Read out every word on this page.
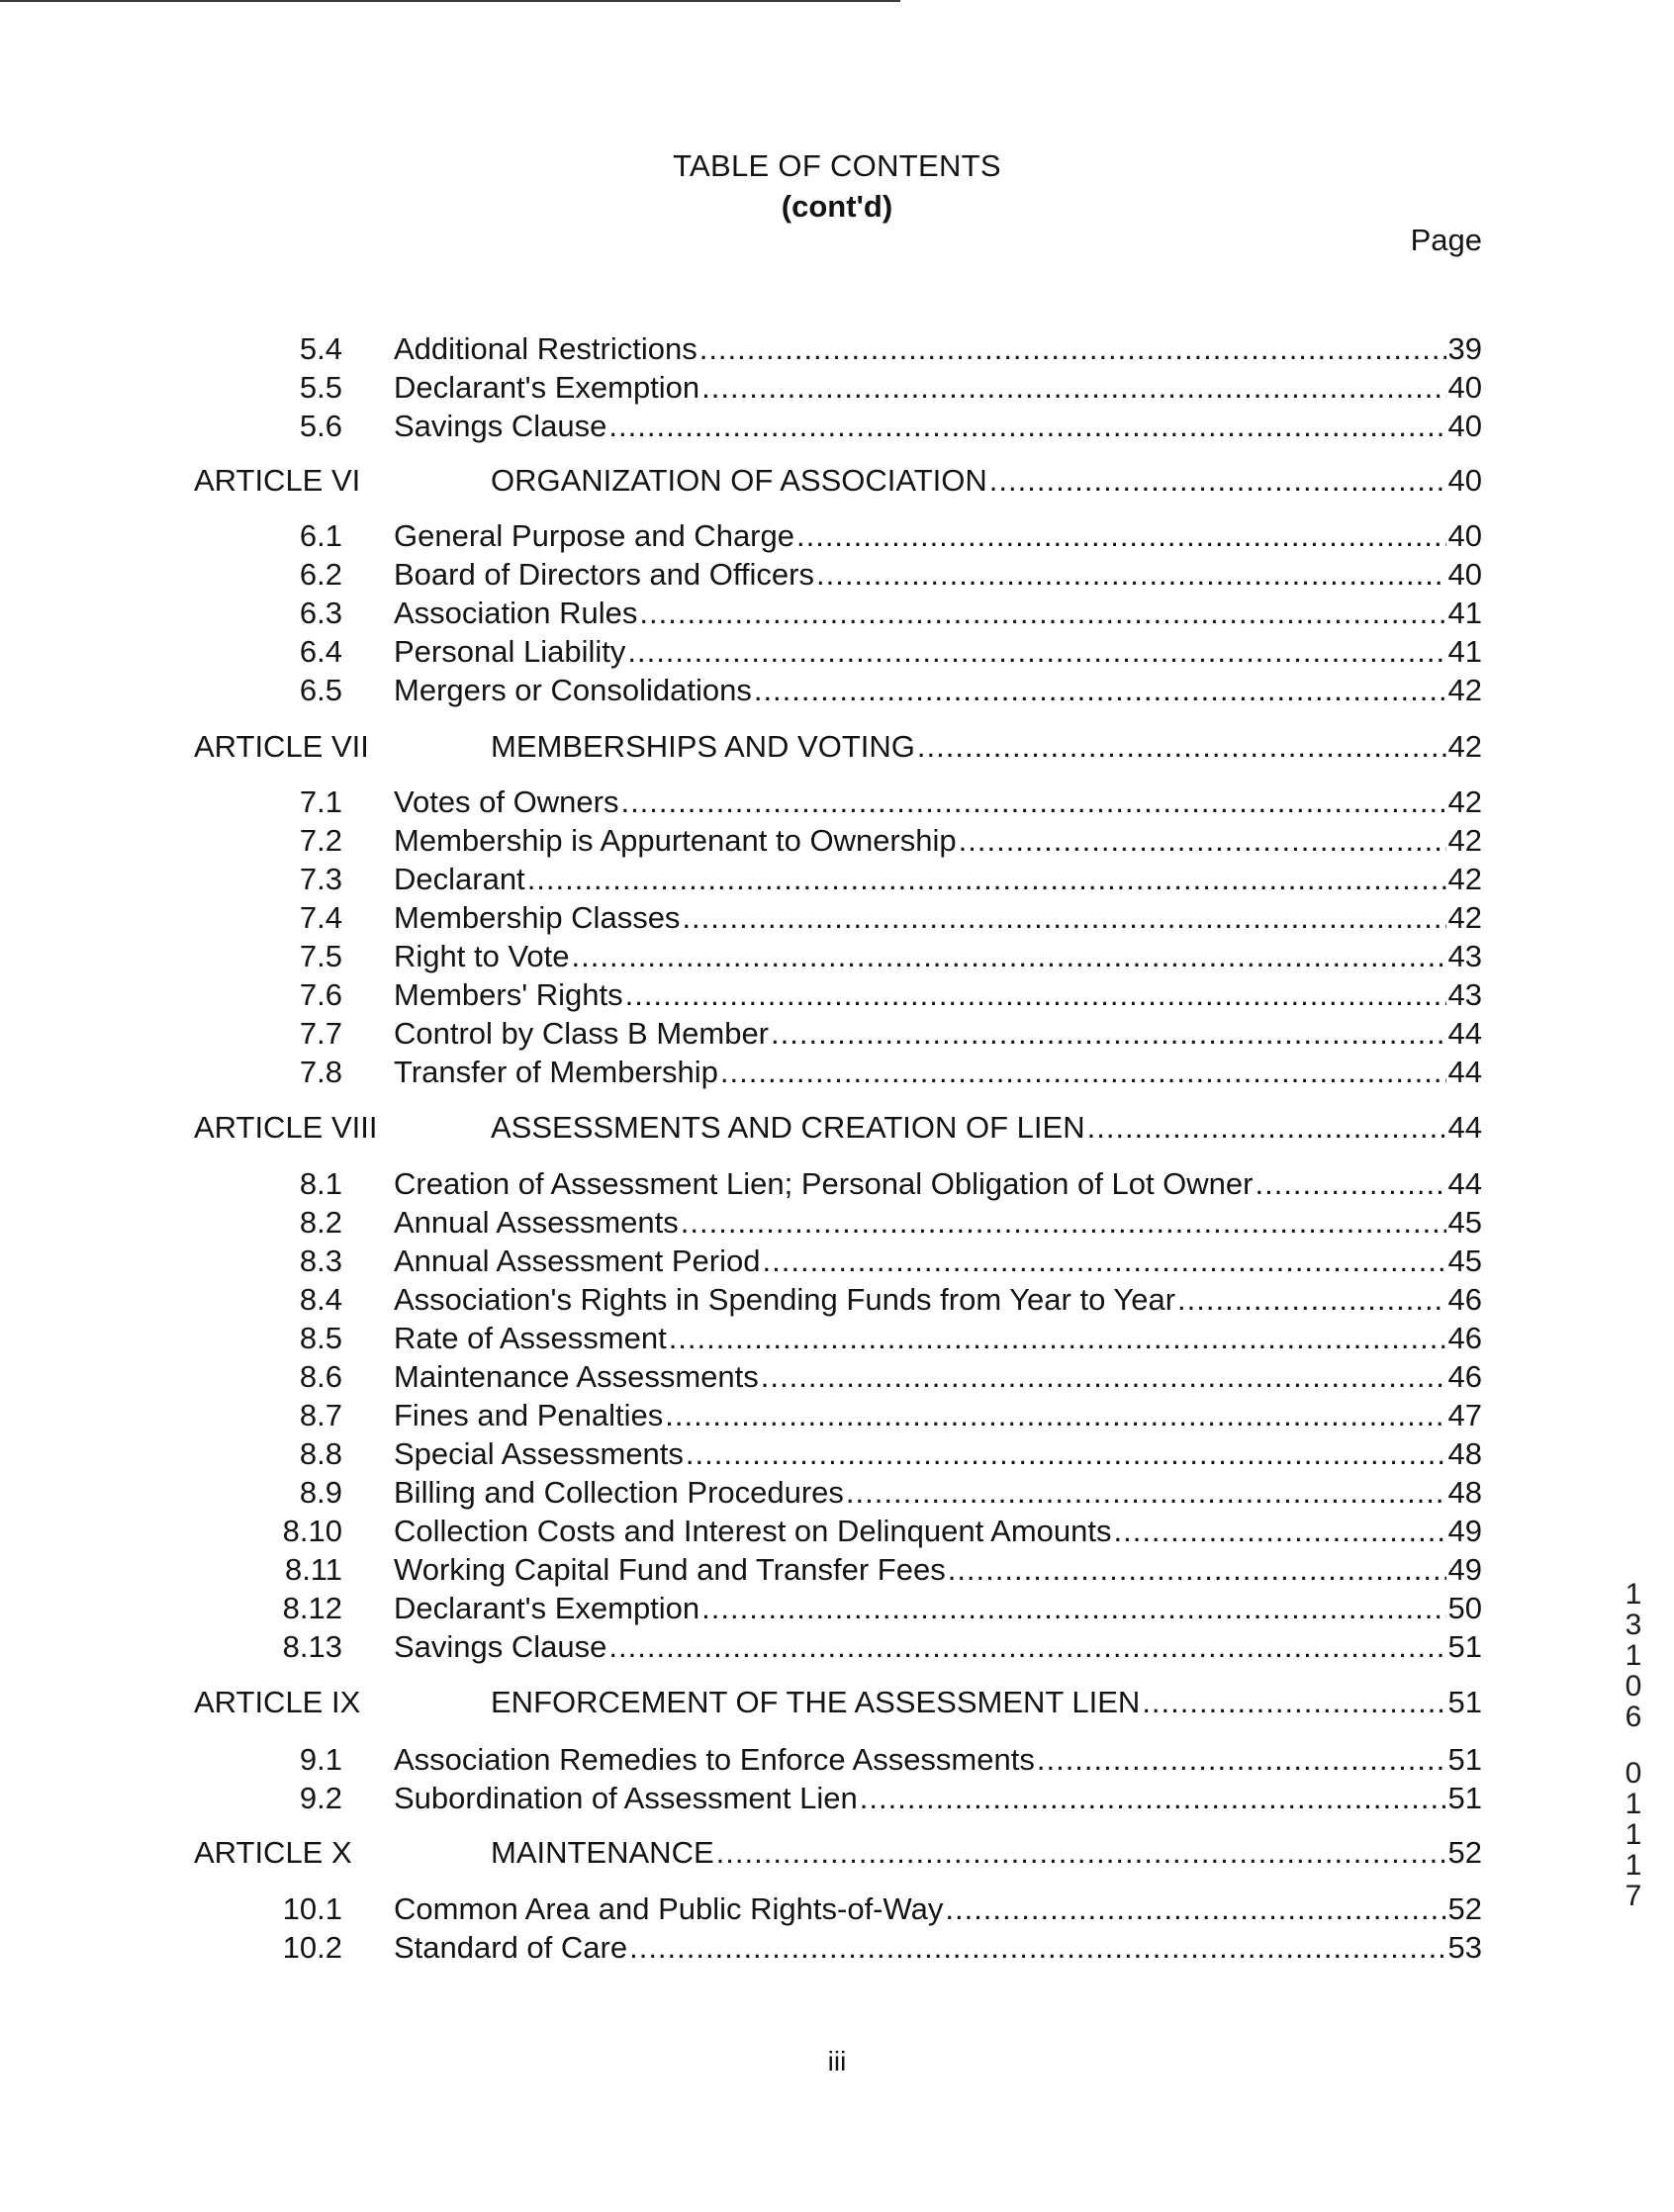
TABLE OF CONTENTS
(cont'd)
Page
5.4 Additional Restrictions .....	39
5.5 Declarant's Exemption .....	40
5.6 Savings Clause .....	40
ARTICLE VI	ORGANIZATION OF ASSOCIATION .....	40
6.1 General Purpose and Charge .....	40
6.2 Board of Directors and Officers .....	40
6.3 Association Rules .....	41
6.4 Personal Liability .....	41
6.5 Mergers or Consolidations .....	42
ARTICLE VII	MEMBERSHIPS AND VOTING .....	42
7.1 Votes of Owners .....	42
7.2 Membership is Appurtenant to Ownership .....	42
7.3 Declarant .....	42
7.4 Membership Classes .....	42
7.5 Right to Vote .....	43
7.6 Members' Rights .....	43
7.7 Control by Class B Member .....	44
7.8 Transfer of Membership .....	44
ARTICLE VIII	ASSESSMENTS AND CREATION OF LIEN .....	44
8.1 Creation of Assessment Lien; Personal Obligation of Lot Owner .....	44
8.2 Annual Assessments .....	45
8.3 Annual Assessment Period .....	45
8.4 Association's Rights in Spending Funds from Year to Year .....	46
8.5 Rate of Assessment .....	46
8.6 Maintenance Assessments .....	46
8.7 Fines and Penalties .....	47
8.8 Special Assessments .....	48
8.9 Billing and Collection Procedures .....	48
8.10 Collection Costs and Interest on Delinquent Amounts .....	49
8.11 Working Capital Fund and Transfer Fees .....	49
8.12 Declarant's Exemption .....	50
8.13 Savings Clause .....	51
ARTICLE IX	ENFORCEMENT OF THE ASSESSMENT LIEN .....	51
9.1 Association Remedies to Enforce Assessments .....	51
9.2 Subordination of Assessment Lien .....	51
ARTICLE X	MAINTENANCE .....	52
10.1 Common Area and Public Rights-of-Way .....	52
10.2 Standard of Care .....	53
iii
1
3
1
0
6
0
1
1
1
7
